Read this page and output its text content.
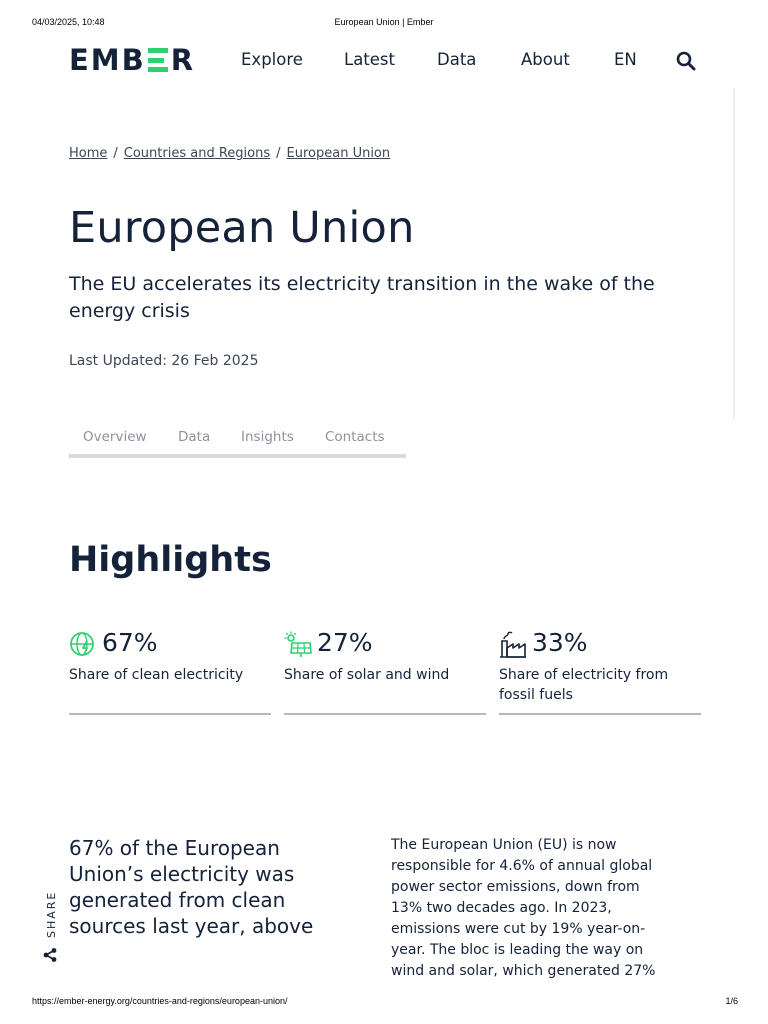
04/03/2025, 10:48	European Union | Ember
EMB R	Explore Latest	Data	About	EN
Home / Countries and Regions / European Union
European Union

The EU accelerates its electricity transition in the wake of the energy crisis

Last Updated: 26 Feb 2025

Overview Data Insights Contacts
Highlights
67%
Share of clean electricity
27%
Share of solar and wind
33%
Share of electricity from fossil fuels

67% of the European Union’s electricity was generated from clean sources last year, above

The European Union (EU) is now responsible for 4.6% of annual global power sector emissions, down from 13% two decades ago. In 2023, emissions were cut by 19% year-on-year. The bloc is leading the way on wind and solar, which generated 27%

SHARE
https://ember-energy.org/countries-and-regions/european-union/	1/6
